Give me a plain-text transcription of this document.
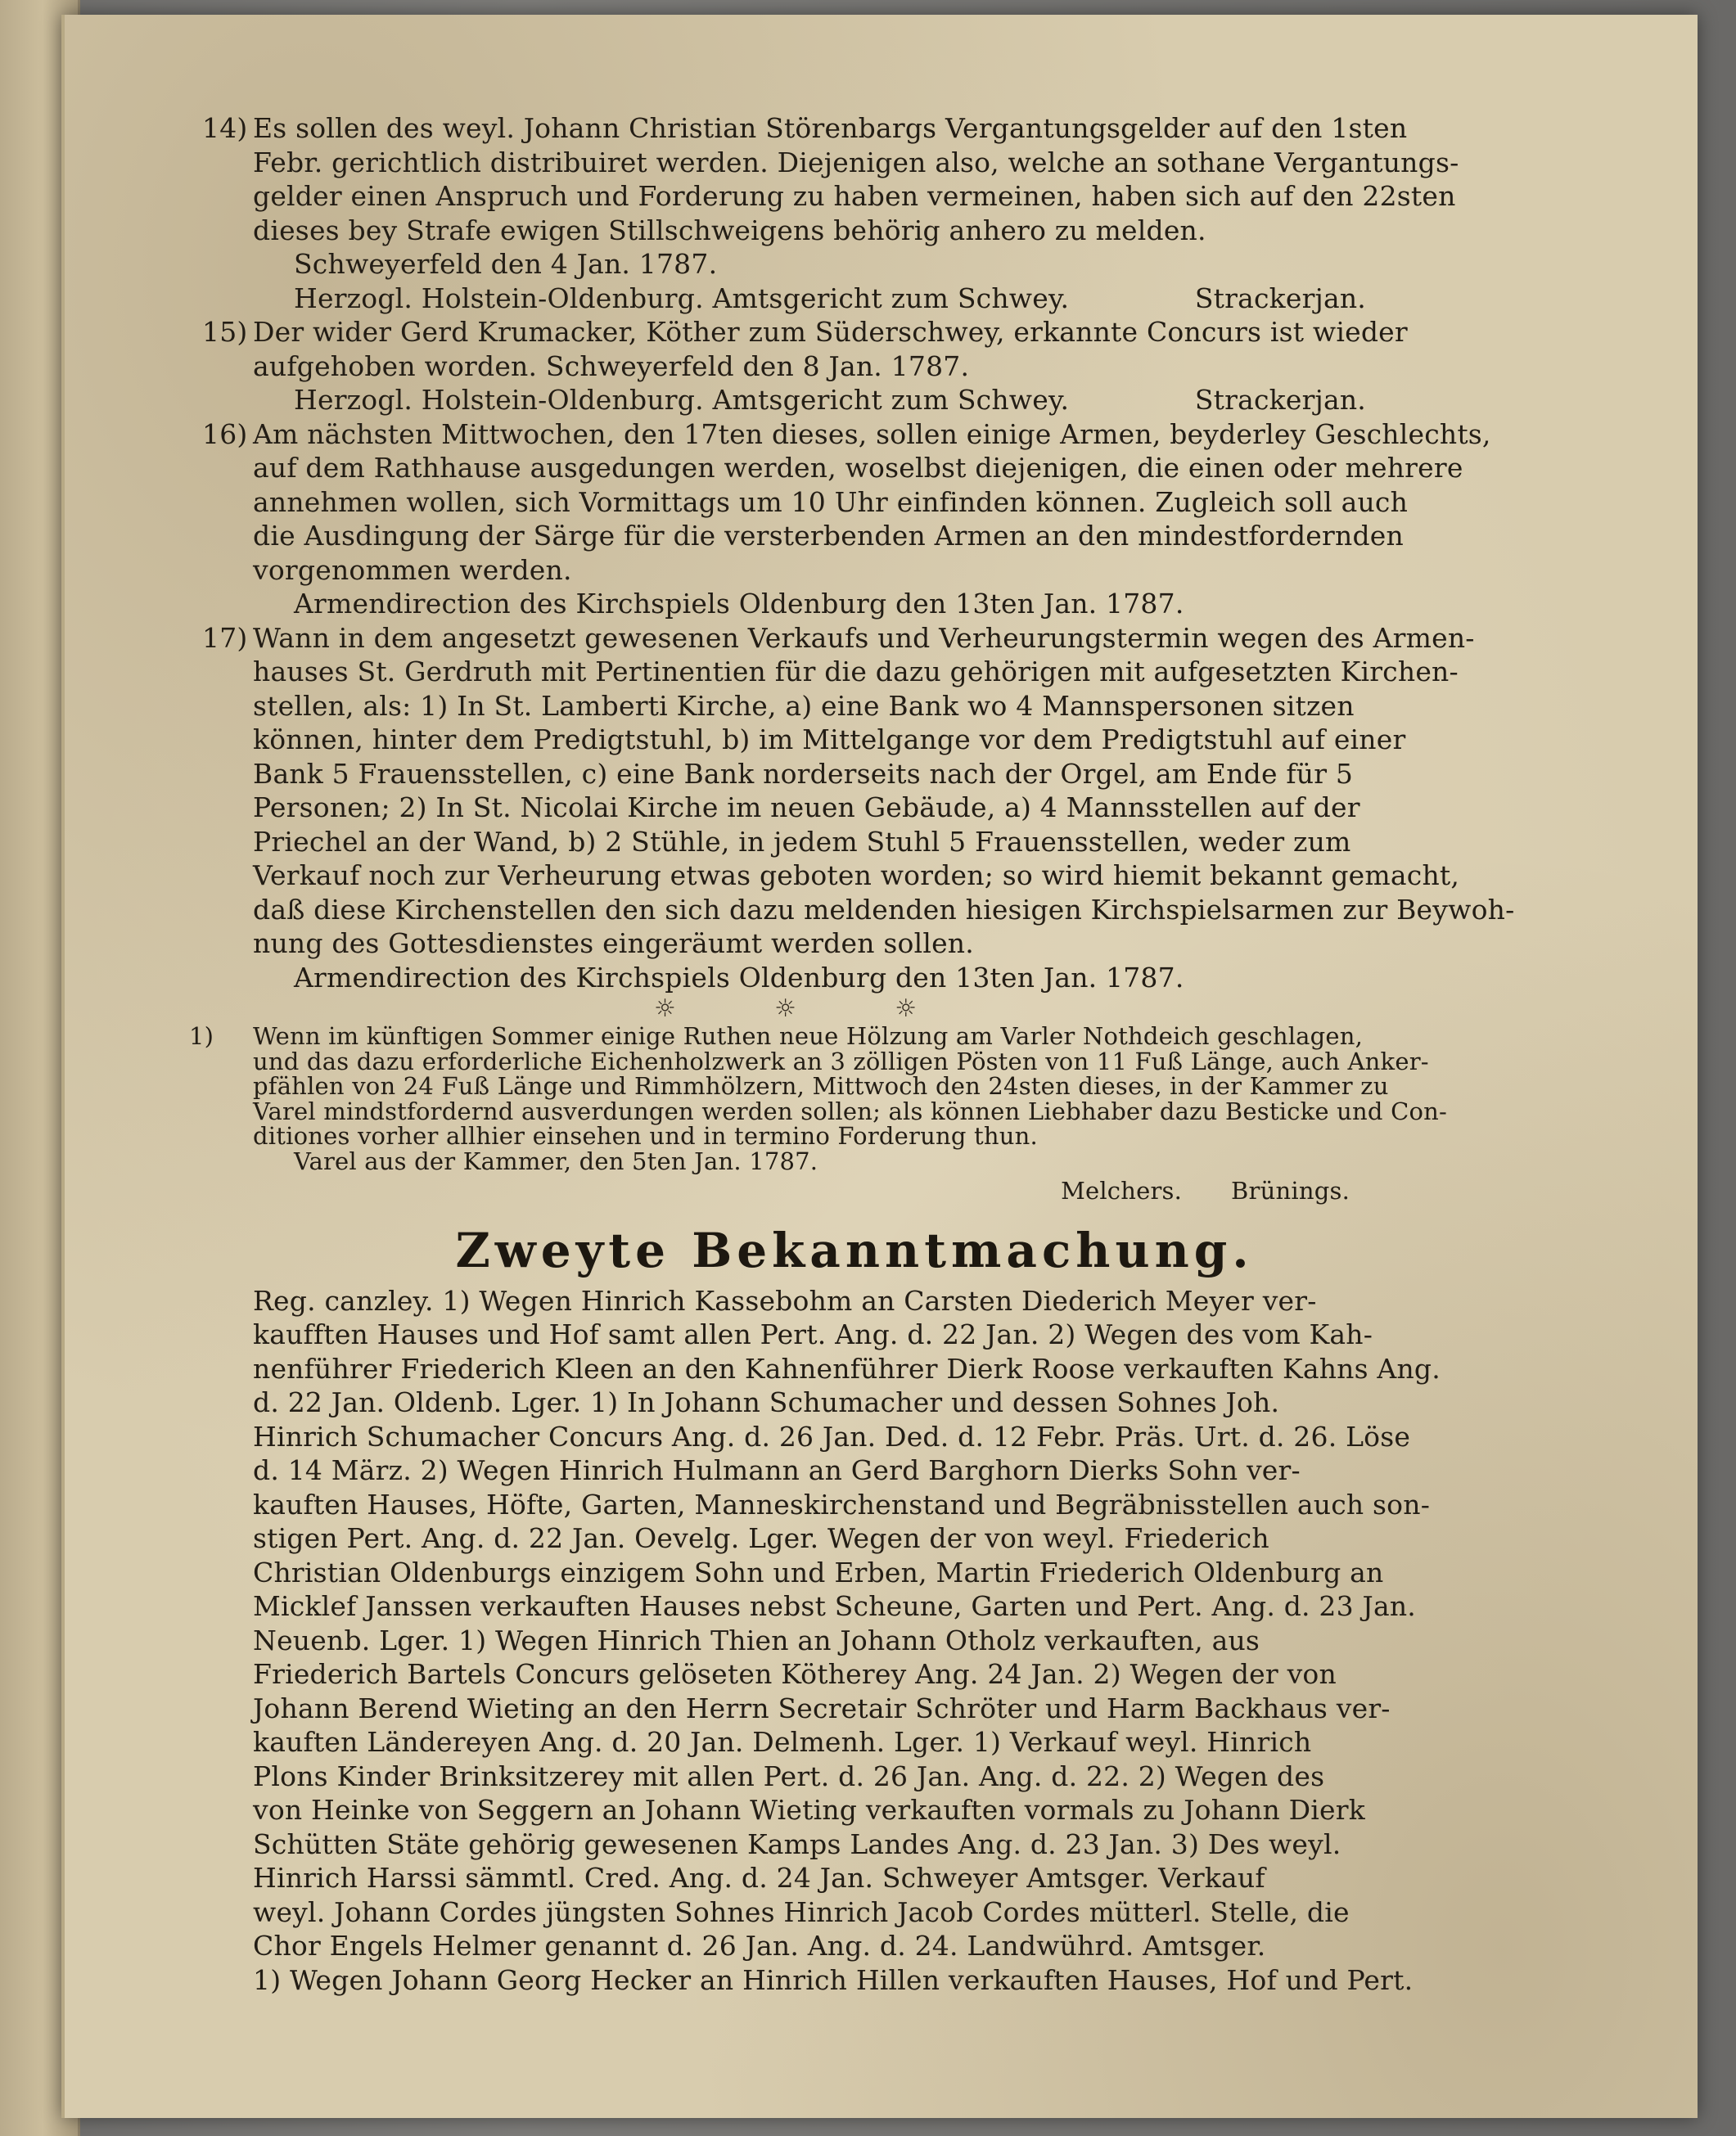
14) Es sollen des weyl. Johann Christian Störenbargs Vergantungsgelder auf den 1sten
Febr. gerichtlich distribuiret werden. Diejenigen also, welche an sothane Vergantungs-
gelder einen Anspruch und Forderung zu haben vermeinen, haben sich auf den 22sten
dieses bey Strafe ewigen Stillschweigens behörig anhero zu melden.
Schweyerfeld den 4 Jan. 1787.
Herzogl. Holstein-Oldenburg. Amtsgericht zum Schwey.	Strackerjan.
15) Der wider Gerd Krumacker, Köther zum Süderschwey, erkannte Concurs ist wieder
aufgehoben worden. Schweyerfeld den 8 Jan. 1787.
Herzogl. Holstein-Oldenburg. Amtsgericht zum Schwey.	Strackerjan.
16) Am nächsten Mittwochen, den 17ten dieses, sollen einige Armen, beyderley Geschlechts,
auf dem Rathhause ausgedungen werden, woselbst diejenigen, die einen oder mehrere
annehmen wollen, sich Vormittags um 10 Uhr einfinden können. Zugleich soll auch
die Ausdingung der Särge für die versterbenden Armen an den mindestfordernden
vorgenommen werden.
Armendirection des Kirchspiels Oldenburg den 13ten Jan. 1787.
17) Wann in dem angesetzt gewesenen Verkaufs und Verheurungstermin wegen des Armen-
hauses St. Gerdruth mit Pertinentien für die dazu gehörigen mit aufgesetzten Kirchen-
stellen, als: 1) In St. Lamberti Kirche, a) eine Bank wo 4 Mannspersonen sitzen
können, hinter dem Predigtstuhl, b) im Mittelgange vor dem Predigtstuhl auf einer
Bank 5 Frauensstellen, c) eine Bank norderseits nach der Orgel, am Ende für 5
Personen; 2) In St. Nicolai Kirche im neuen Gebäude, a) 4 Mannsstellen auf der
Priechel an der Wand, b) 2 Stühle, in jedem Stuhl 5 Frauensstellen, weder zum
Verkauf noch zur Verheurung etwas geboten worden; so wird hiemit bekannt gemacht,
daß diese Kirchenstellen den sich dazu meldenden hiesigen Kirchspielsarmen zur Beywoh-
nung des Gottesdienstes eingeräumt werden sollen.
Armendirection des Kirchspiels Oldenburg den 13ten Jan. 1787.
☼	☼	☼
1)	Wenn im künftigen Sommer einige Ruthen neue Hölzung am Varler Nothdeich geschlagen,
und das dazu erforderliche Eichenholzwerk an 3 zölligen Pösten von 11 Fuß Länge, auch Anker-
pfählen von 24 Fuß Länge und Rimmhölzern, Mittwoch den 24sten dieses, in der Kammer zu
Varel mindstfordernd ausverdungen werden sollen; als können Liebhaber dazu Besticke und Con-
ditiones vorher allhier einsehen und in termino Forderung thun.
Varel aus der Kammer, den 5ten Jan. 1787.
Melchers. Brünings.
Zweyte Bekanntmachung.
Reg. canzley. 1) Wegen Hinrich Kassebohm an Carsten Diederich Meyer ver-
kaufften Hauses und Hof samt allen Pert. Ang. d. 22 Jan. 2) Wegen des vom Kah-
nenführer Friederich Kleen an den Kahnenführer Dierk Roose verkauften Kahns Ang.
d. 22 Jan. Oldenb. Lger. 1) In Johann Schumacher und dessen Sohnes Joh.
Hinrich Schumacher Concurs Ang. d. 26 Jan. Ded. d. 12 Febr. Präs. Urt. d. 26. Löse
d. 14 März. 2) Wegen Hinrich Hulmann an Gerd Barghorn Dierks Sohn ver-
kauften Hauses, Höfte, Garten, Manneskirchenstand und Begräbnisstellen auch son-
stigen Pert. Ang. d. 22 Jan. Oevelg. Lger. Wegen der von weyl. Friederich
Christian Oldenburgs einzigem Sohn und Erben, Martin Friederich Oldenburg an
Micklef Janssen verkauften Hauses nebst Scheune, Garten und Pert. Ang. d. 23 Jan.
Neuenb. Lger. 1) Wegen Hinrich Thien an Johann Otholz verkauften, aus
Friederich Bartels Concurs gelöseten Kötherey Ang. 24 Jan. 2) Wegen der von
Johann Berend Wieting an den Herrn Secretair Schröter und Harm Backhaus ver-
kauften Ländereyen Ang. d. 20 Jan. Delmenh. Lger. 1) Verkauf weyl. Hinrich
Plons Kinder Brinksitzerey mit allen Pert. d. 26 Jan. Ang. d. 22. 2) Wegen des
von Heinke von Seggern an Johann Wieting verkauften vormals zu Johann Dierk
Schütten Stäte gehörig gewesenen Kamps Landes Ang. d. 23 Jan. 3) Des weyl.
Hinrich Harssi sämmtl. Cred. Ang. d. 24 Jan. Schweyer Amtsger. Verkauf
weyl. Johann Cordes jüngsten Sohnes Hinrich Jacob Cordes mütterl. Stelle, die
Chor Engels Helmer genannt d. 26 Jan. Ang. d. 24. Landwührd. Amtsger.
1) Wegen Johann Georg Hecker an Hinrich Hillen verkauften Hauses, Hof und Pert.
